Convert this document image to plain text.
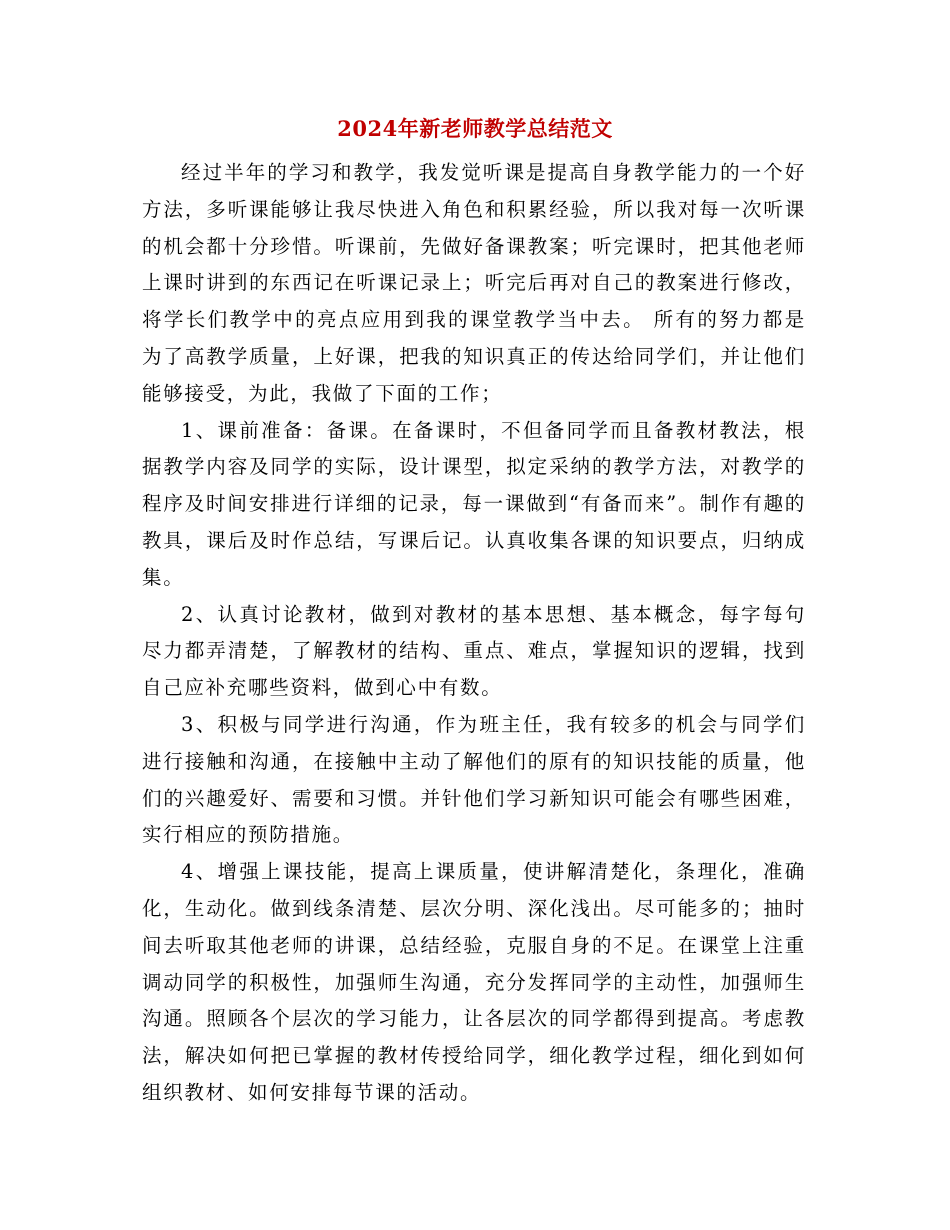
2024年新老师教学总结范文

经过半年的学习和教学，我发觉听课是提高自身教学能力的一个好方法，多听课能够让我尽快进入角色和积累经验，所以我对每一次听课的机会都十分珍惜。听课前，先做好备课教案；听完课时，把其他老师上课时讲到的东西记在听课记录上；听完后再对自己的教案进行修改，将学长们教学中的亮点应用到我的课堂教学当中去。 所有的努力都是为了高教学质量，上好课，把我的知识真正的传达给同学们，并让他们能够接受，为此，我做了下面的工作；

1、课前准备：备课。在备课时，不但备同学而且备教材教法，根据教学内容及同学的实际，设计课型，拟定采纳的教学方法，对教学的程序及时间安排进行详细的记录，每一课做到“有备而来”。制作有趣的教具，课后及时作总结，写课后记。认真收集各课的知识要点，归纳成集。

2、认真讨论教材，做到对教材的基本思想、基本概念，每字每句尽力都弄清楚，了解教材的结构、重点、难点，掌握知识的逻辑，找到自己应补充哪些资料，做到心中有数。

3、积极与同学进行沟通，作为班主任，我有较多的机会与同学们进行接触和沟通，在接触中主动了解他们的原有的知识技能的质量，他们的兴趣爱好、需要和习惯。并针他们学习新知识可能会有哪些困难，实行相应的预防措施。

4、增强上课技能，提高上课质量，使讲解清楚化，条理化，准确化，生动化。做到线条清楚、层次分明、深化浅出。尽可能多的；抽时间去听取其他老师的讲课，总结经验，克服自身的不足。在课堂上注重调动同学的积极性，加强师生沟通，充分发挥同学的主动性，加强师生沟通。照顾各个层次的学习能力，让各层次的同学都得到提高。考虑教法，解决如何把已掌握的教材传授给同学，细化教学过程，细化到如何组织教材、如何安排每节课的活动。
